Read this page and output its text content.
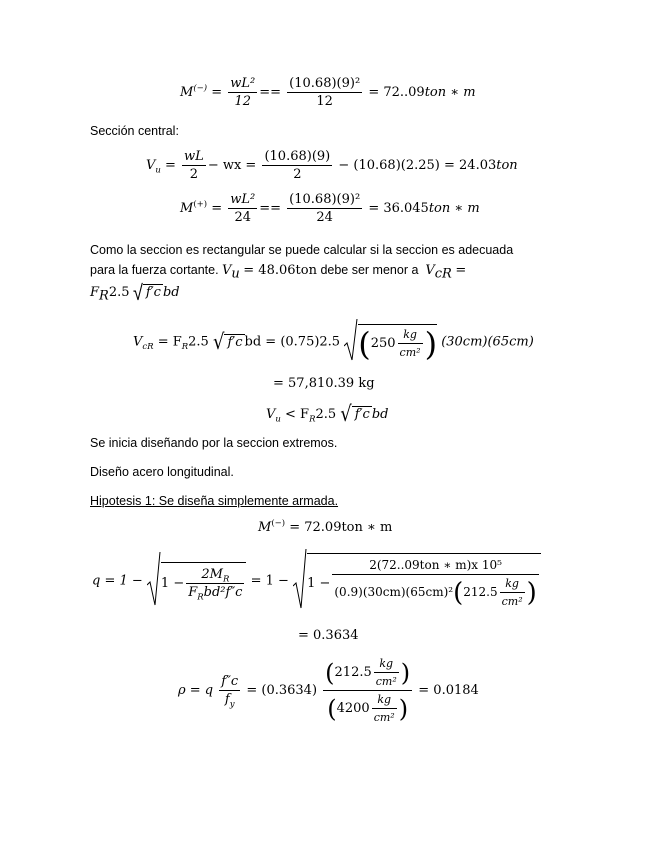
$M^{(-)} = \frac{\text{wL²}}{12} == \frac{\text{(10.68)(9)²}}{12} = 72..09ton$ ∗ m
Sección central:
$V_u = \frac{wL}{2}$ − wx = $\frac{(10.68)(9)}{2} - (10.68)(2.25) = 24.03ton$
$M^{(+)} = \frac{\text{wL²}}{24} == \frac{\text{(10.68)(9)²}}{24} = 36.045ton$ ∗ m
Como la seccion es rectangular se puede calcular si la seccion es adecuada
para la fuerza cortante. $V_u = 48.06ton$ debe ser menor a $V_{cR}$ =
$F_R2.5$ √ f′c bd
$V_{cR} = F_R2.5$ √ f′c bd = (0.75)2.5 ($250 \frac{kg}{\text{cm²}}$ ) (30cm)(65cm)
= 57,810.39 kg
$V_u < F_R2.5$ √ f′c bd
Se inicia diseñando por la seccion extremos.
Diseño acero longitudinal.
Hipotesis 1: Se diseña simplemente armada.
M(−) = 72.09ton ∗ m
$q = 1 - 1 - \frac{2M_R}{F_Rbd^2f''c} = 1 - 1 - \frac{\text{2(72..09ton ∗ m)x 10⁵}}{(0.9)(30cm)(65cm)^2(212.5 \frac{kg}{\text{cm²}} )}$
= 0.3634
ρ = q $\frac{f''c}{f_y} = (0.3634) \frac{(212.5 \frac{kg}{\text{cm²}} )}{(4200 \frac{kg}{\text{cm²}} )} = 0.0184$
